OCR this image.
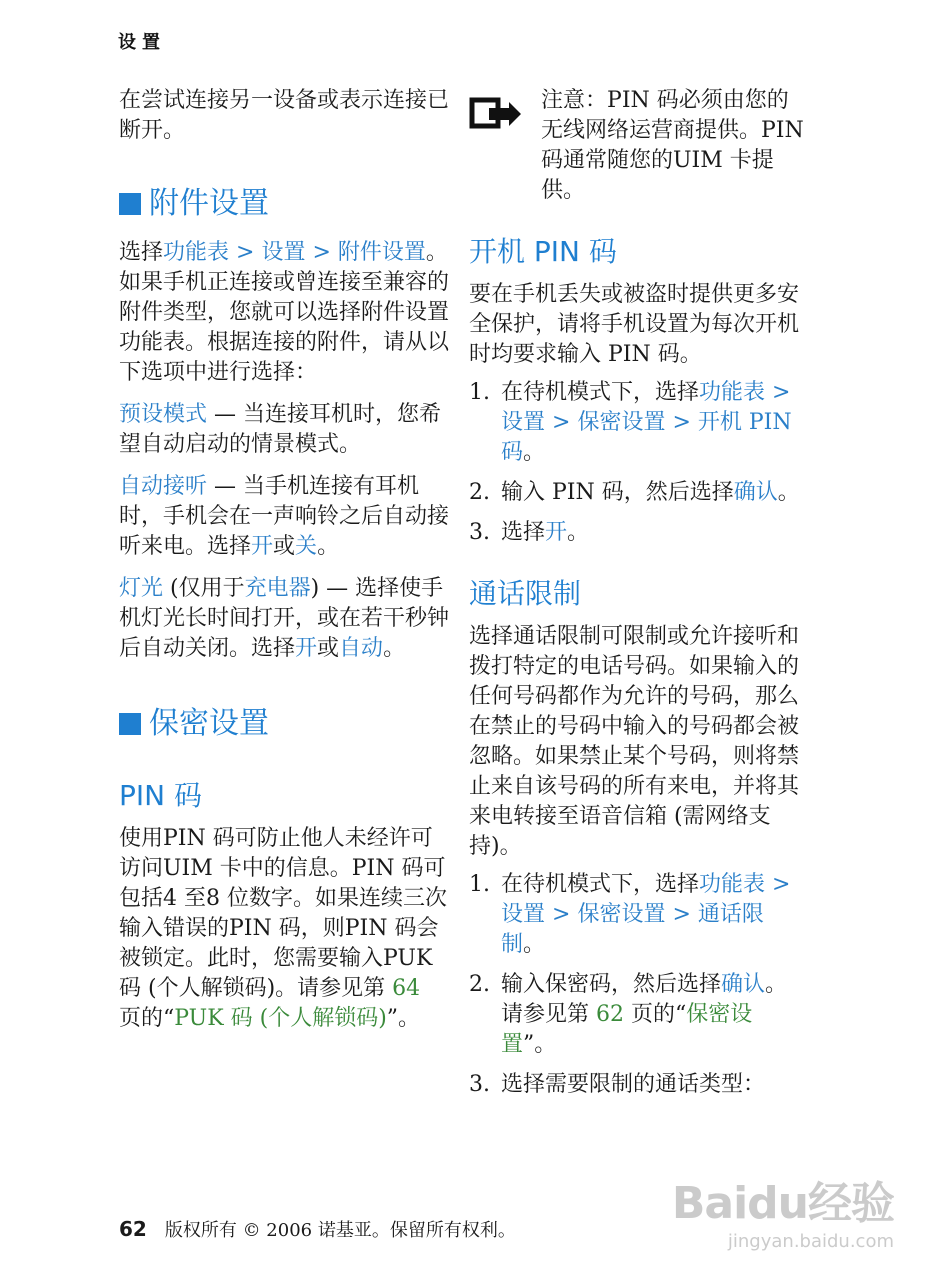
设置

在尝试连接另一设备或表示连接已断开。

附件设置

选择功能表 > 设置 > 附件设置。如果手机正连接或曾连接至兼容的附件类型，您就可以选择附件设置功能表。根据连接的附件，请从以下选项中进行选择：

预设模式 — 当连接耳机时，您希望自动启动的情景模式。

自动接听 — 当手机连接有耳机时，手机会在一声响铃之后自动接听来电。选择开或关。

灯光 (仅用于充电器) — 选择使手机灯光长时间打开，或在若干秒钟后自动关闭。选择开或自动。

保密设置
PIN 码

使用PIN 码可防止他人未经许可访问UIM 卡中的信息。PIN 码可包括4 至8 位数字。如果连续三次输入错误的PIN 码，则PIN 码会被锁定。此时，您需要输入PUK 码 (个人解锁码)。请参见第 64 页的“PUK 码 (个人解锁码)”。

注意：PIN 码必须由您的无线网络运营商提供。PIN 码通常随您的UIM 卡提供。

开机 PIN 码

要在手机丢失或被盗时提供更多安全保护，请将手机设置为每次开机时均要求输入 PIN 码。

1. 在待机模式下，选择功能表 > 设置 > 保密设置 > 开机 PIN码。
2. 输入 PIN 码，然后选择确认。
3. 选择开。
通话限制

选择通话限制可限制或允许接听和拨打特定的电话号码。如果输入的任何号码都作为允许的号码，那么在禁止的号码中输入的号码都会被忽略。如果禁止某个号码，则将禁止来自该号码的所有来电，并将其来电转接至语音信箱 (需网络支持)。

1. 在待机模式下，选择功能表 > 设置 > 保密设置 > 通话限制。
2. 输入保密码，然后选择确认。请参见第 62 页的“保密设置”。
3. 选择需要限制的通话类型：
62 版权所有 © 2006 诺基亚。保留所有权利。
Baidu经验
jingyan.baidu.com
